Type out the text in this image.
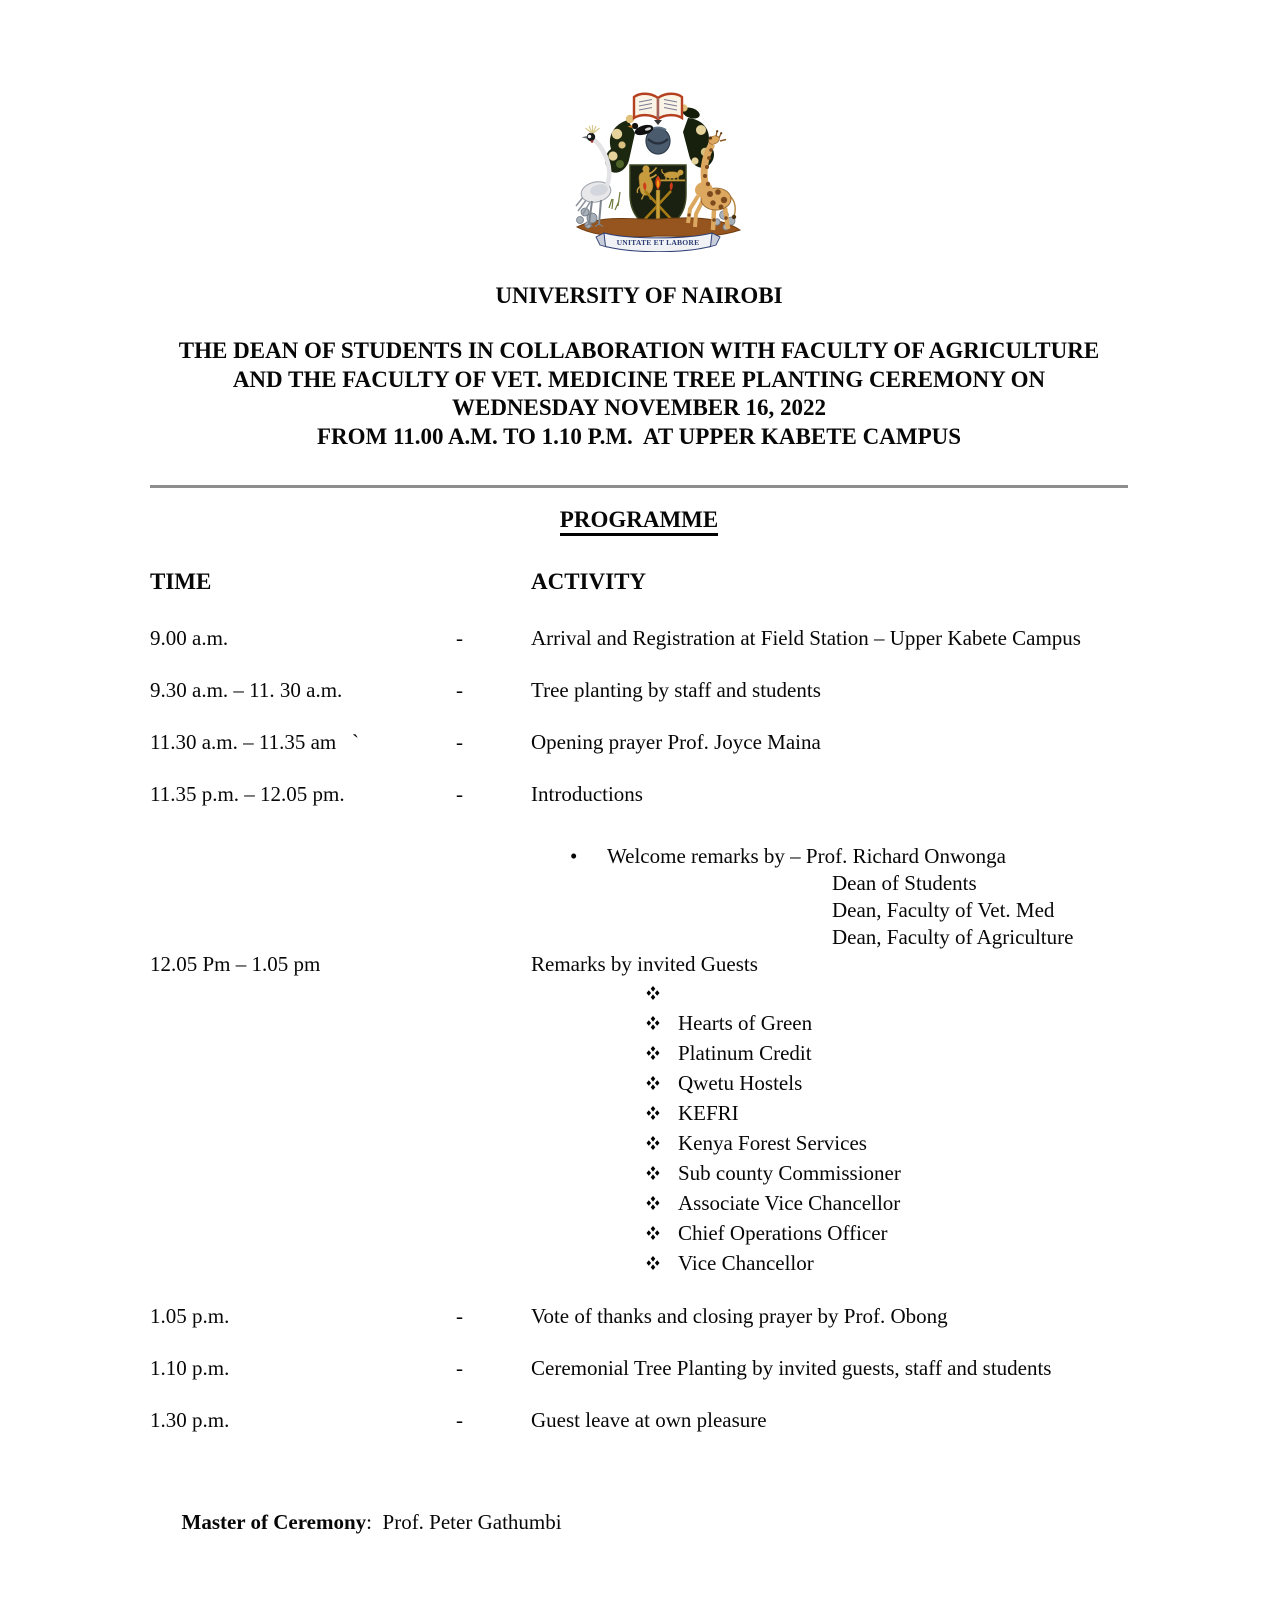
UNITATE ET LABORE
UNIVERSITY OF NAIROBI
THE DEAN OF STUDENTS IN COLLABORATION WITH FACULTY OF AGRICULTURE
AND THE FACULTY OF VET. MEDICINE TREE PLANTING CEREMONY ON
WEDNESDAY NOVEMBER 16, 2022
FROM 11.00 A.M. TO 1.10 P.M.  AT UPPER KABETE CAMPUS
PROGRAMME
TIME	ACTIVITY
9.00 a.m.	-	Arrival and Registration at Field Station – Upper Kabete Campus
9.30 a.m. – 11. 30 a.m.	-	Tree planting by staff and students
11.30 a.m. – 11.35 am   `	-	Opening prayer Prof. Joyce Maina
11.35 p.m. – 12.05 pm.	-	Introductions
•	Welcome remarks by – Prof. Richard Onwonga
Dean of Students
Dean, Faculty of Vet. Med
Dean, Faculty of Agriculture
12.05 Pm – 1.05 pm	Remarks by invited Guests
Hearts of Green
Platinum Credit
Qwetu Hostels
KEFRI
Kenya Forest Services
Sub county Commissioner
Associate Vice Chancellor
Chief Operations Officer
Vice Chancellor
1.05 p.m.	-	Vote of thanks and closing prayer by Prof. Obong
1.10 p.m.	-	Ceremonial Tree Planting by invited guests, staff and students
1.30 p.m.	-	Guest leave at own pleasure

Master of Ceremony:  Prof. Peter Gathumbi
